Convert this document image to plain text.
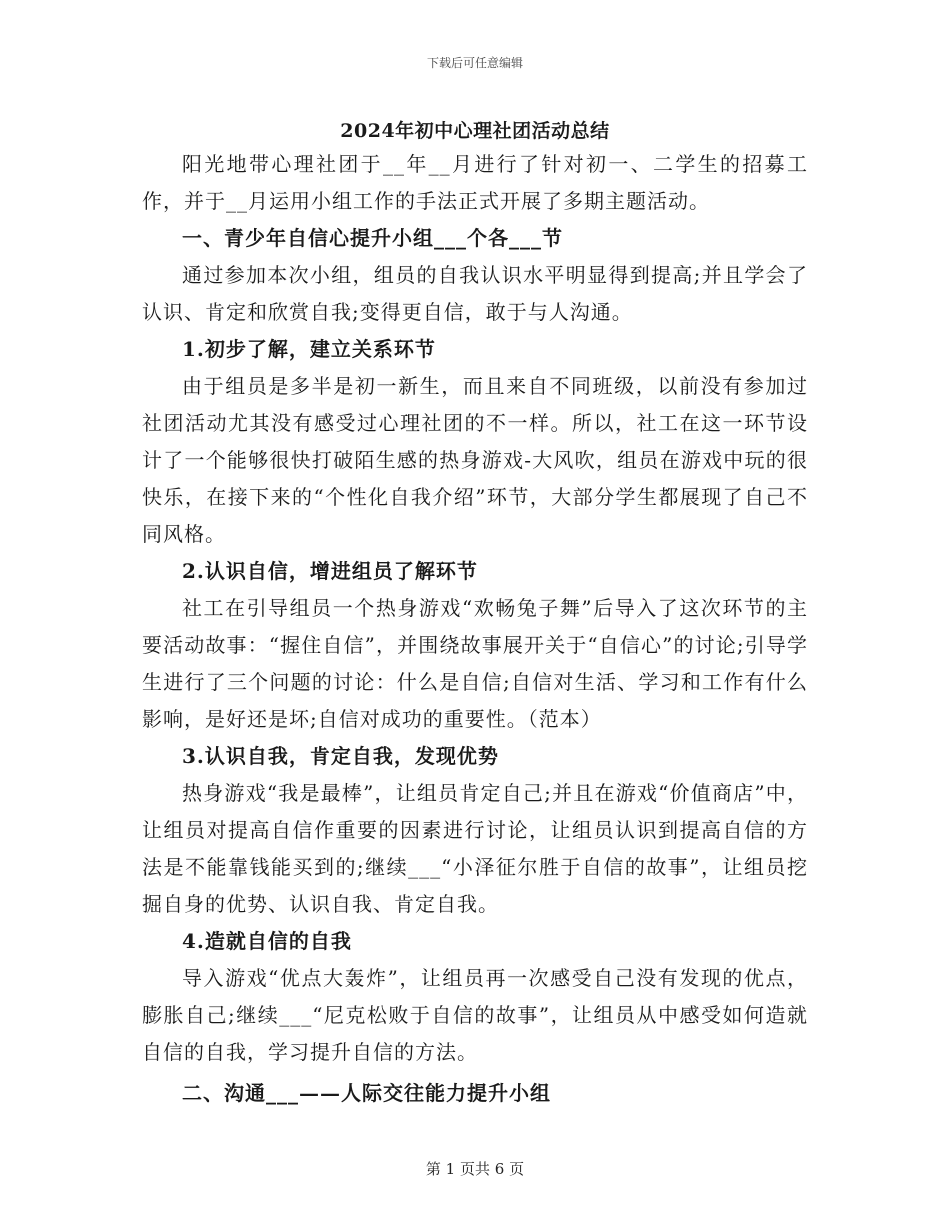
下载后可任意编辑
2024年初中心理社团活动总结

阳光地带心理社团于__年__月进行了针对初一、二学生的招募工作，并于__月运用小组工作的手法正式开展了多期主题活动。

一、青少年自信心提升小组___个各___节

通过参加本次小组，组员的自我认识水平明显得到提高;并且学会了认识、肯定和欣赏自我;变得更自信，敢于与人沟通。

1.初步了解，建立关系环节

由于组员是多半是初一新生，而且来自不同班级，以前没有参加过社团活动尤其没有感受过心理社团的不一样。所以，社工在这一环节设计了一个能够很快打破陌生感的热身游戏-大风吹，组员在游戏中玩的很快乐，在接下来的“个性化自我介绍”环节，大部分学生都展现了自己不同风格。

2.认识自信，增进组员了解环节

社工在引导组员一个热身游戏“欢畅兔子舞”后导入了这次环节的主要活动故事：“握住自信”，并围绕故事展开关于“自信心”的讨论;引导学生进行了三个问题的讨论：什么是自信;自信对生活、学习和工作有什么影响，是好还是坏;自信对成功的重要性。（范本）

3.认识自我，肯定自我，发现优势

热身游戏“我是最棒”，让组员肯定自己;并且在游戏“价值商店”中，让组员对提高自信作重要的因素进行讨论，让组员认识到提高自信的方法是不能靠钱能买到的;继续___“小泽征尔胜于自信的故事”，让组员挖掘自身的优势、认识自我、肯定自我。

4.造就自信的自我

导入游戏“优点大轰炸”，让组员再一次感受自己没有发现的优点，膨胀自己;继续___“尼克松败于自信的故事”，让组员从中感受如何造就自信的自我，学习提升自信的方法。

二、沟通___——人际交往能力提升小组

第 1 页共 6 页
